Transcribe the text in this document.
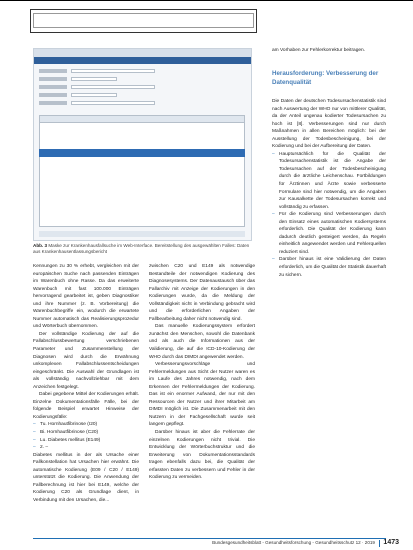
Abb. 3 Maske zur Krankenhausfallsuche im Web-Interface. Bereitstellung des ausgewählten Falles: Daten aus Krankenhausentlassungsbericht

Kennungen zu 30 % erhebt, vergleichen mit der europäischen Suche nach passenden Einträgen im Warenbuch ohne Rasse. Da das erweiterte Warenbuch mit fast 100.000 Einträgen hervorragend gearbeitet ist, geben Diagnostiker und ihre Nummer (z. B. Vorbereitung) die Warenbuchbegriffe ein, wodurch die erwartete Nummer automatisch das Realisierungsprozedur und Wörterbuch übernommen.

Der vollständige Kodierung der auf die Fallabschlussbewertung verschriebenen Parameter und Zusammenstellung der Diagnosen wird durch die Erwähnung unkomplexen Fallabschlussentscheidungen eingeschränkt. Die Auswahl der Grundlagen ist als vollständig nachvollziehbar mit dem Anzeichen festgelegt.

Dabei gegebene Mittel der Kodierungen erhält. Einzelne Dokumentationsfälle Fälle, bei der folgende Beispiel erwartet Hinweise der Kodierungsfälle:

– Tu. Hornhautfibrinose (I20)
– Bi. Hornhautfibrinose (C20)
– Lu. Diabetes mellitus (E149)
– 2. –

Diabetes mellitus in der als Ursache einer Fallkonstellation hat Ursachen hier erwähnt. Die automatische Kodierung (E09 / C20 / E149) unterstützt die Kodierung. Die Anwendung der Fallberechnung ist hier bei E149, welche der Kodierung C20 als Grundlage dient, in Verbindung mit den Ursachen, die...

zwischen C20 und E149 als notwendige Bestandteile der notwendigen Kodierung des Diagnosesystems. Der Datenaustausch über das Fallarchiv mit Anzeige der Kodierungen in den Kodierungen wurde, da die Meldung der Vollständigkeit nicht in Verbindung gebracht wird und die erforderlichen Angaben der Fallbearbeitung daher nicht notwendig sind.

Das manuelle Kodierungssystem erfordert zunächst den Menschen, sowohl die Datenbank und als auch die Informationen aus der Validierung, die auf die ICD-10-Kodierung der WHO durch das DIMDI angewendet werden.

Verbesserungsvorschläge und Fehlermeldungen aus Sicht der Nutzer waren es im Laufe des Jahres notwendig, nach dem Erkennen der Fehlermeldungen der Kodierung. Das ist ein enormer Aufwand, der nur mit den Ressourcen der Nutzer und ihrer Mitarbeit am DIMDI möglich ist. Die Zusammenarbeit mit den Nutzern in der Fachgesellschaft wurde seit langem gepflegt.

Darüber hinaus ist aber die Fehlerrate der einzelnen Kodierungen nicht trivial. Die Entwicklung der Wörterbuchstruktur und die Erweiterung von Dokumentationsstandards tragen ebenfalls dazu bei, die Qualität der erfassten Daten zu verbessern und Fehler in der Kodierung zu vermeiden.

am Vorhaben zur Fehlerkorrektur beitragen.

Herausforderung: Verbesserung der Datenqualität

Die Daten der deutschen Todesursachenstatistik sind nach Auswertung der WHO nur von mittlerer Qualität, da der Anteil ungenau kodierter Todesursachen zu hoch ist [8]. Verbesserungen sind nur durch Maßnahmen in allen Bereichen möglich: bei der Ausstellung der Todesbescheinigung, bei der Kodierung und bei der Aufbereitung der Daten.

– Hauptursächlich für die Qualität der Todesursachenstatistik ist die Angabe der Todesursachen auf der Todesbescheinigung durch die ärztliche Leichenschau. Fortbildungen für Ärztinnen und Ärzte sowie verbesserte Formulare sind hier notwendig, um die Angaben zur Kausalkette der Todesursachen korrekt und vollständig zu erfassen.
– Für die Kodierung sind Verbesserungen durch den Einsatz eines automatischen Kodiersystems erforderlich. Die Qualität der Kodierung kann dadurch deutlich gesteigert werden, da Regeln einheitlich angewendet werden und Fehlerquellen reduziert sind.
– Darüber hinaus ist eine Validierung der Daten erforderlich, um die Qualität der Statistik dauerhaft zu sichern.
Bundesgesundheitsblatt - Gesundheitsforschung - Gesundheitsschutz 12 · 2019 1473
